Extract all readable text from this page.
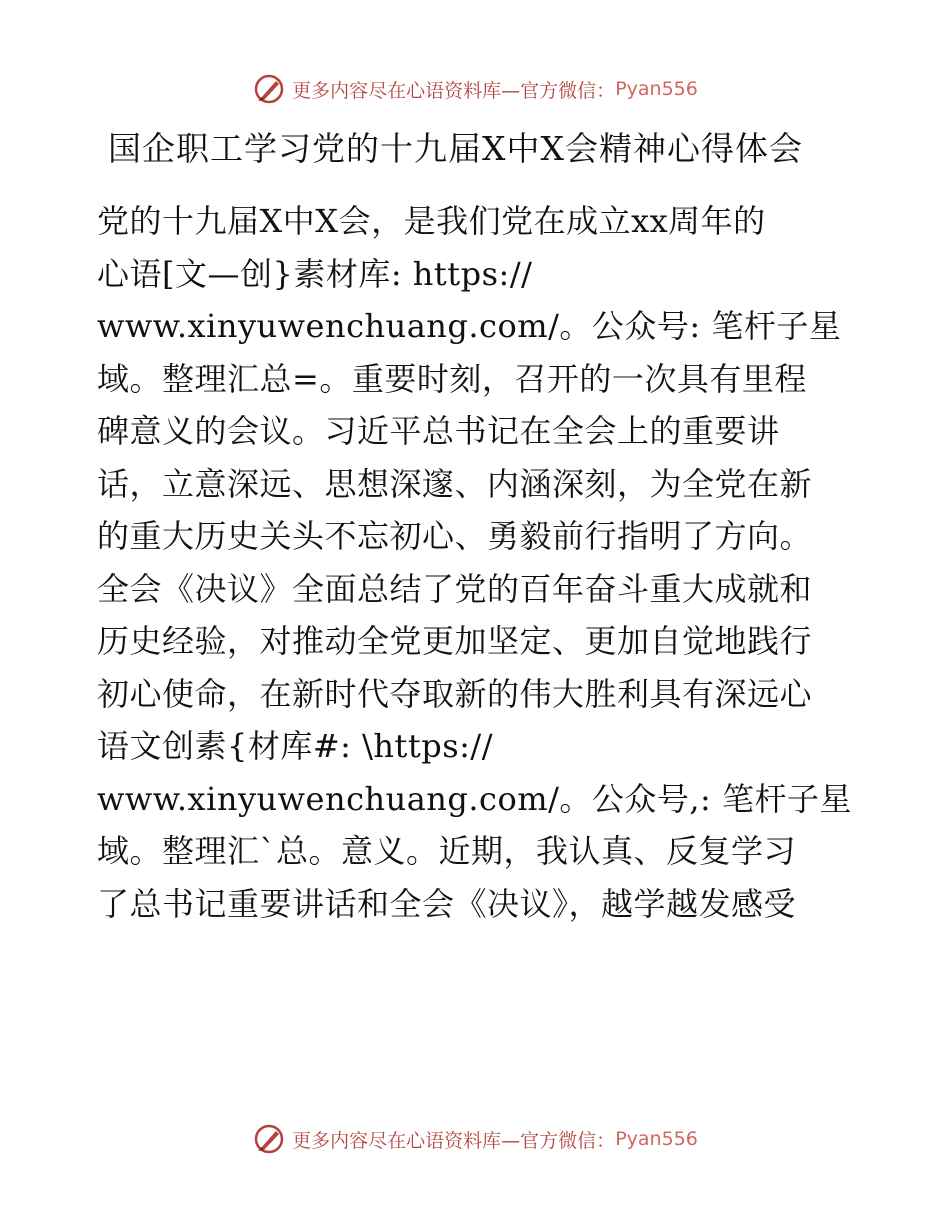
更多内容尽在心语资料库— 官方微信： Pyan556
国企职工学习党的十九届X中X会精神心得体会
党的十九届X中X会，是我们党在成立xx周年的
心语[文—创}素材库: https://
www.xinyuwenchuang.com/。公众号: 笔杆子星
域。整理汇总=。重要时刻，召开的一次具有里程
碑意义的会议。习近平总书记在全会上的重要讲
话，立意深远、思想深邃、内涵深刻，为全党在新
的重大历史关头不忘初心、勇毅前行指明了方向。
全会《决议》全面总结了党的百年奋斗重大成就和
历史经验，对推动全党更加坚定、更加自觉地践行
初心使命，在新时代夺取新的伟大胜利具有深远心
语文创素{材库#: \https://
www.xinyuwenchuang.com/。公众号,: 笔杆子星
域。整理汇`总。意义。近期，我认真、反复学习
了总书记重要讲话和全会《决议》，越学越发感受
更多内容尽在心语资料库— 官方微信： Pyan556
